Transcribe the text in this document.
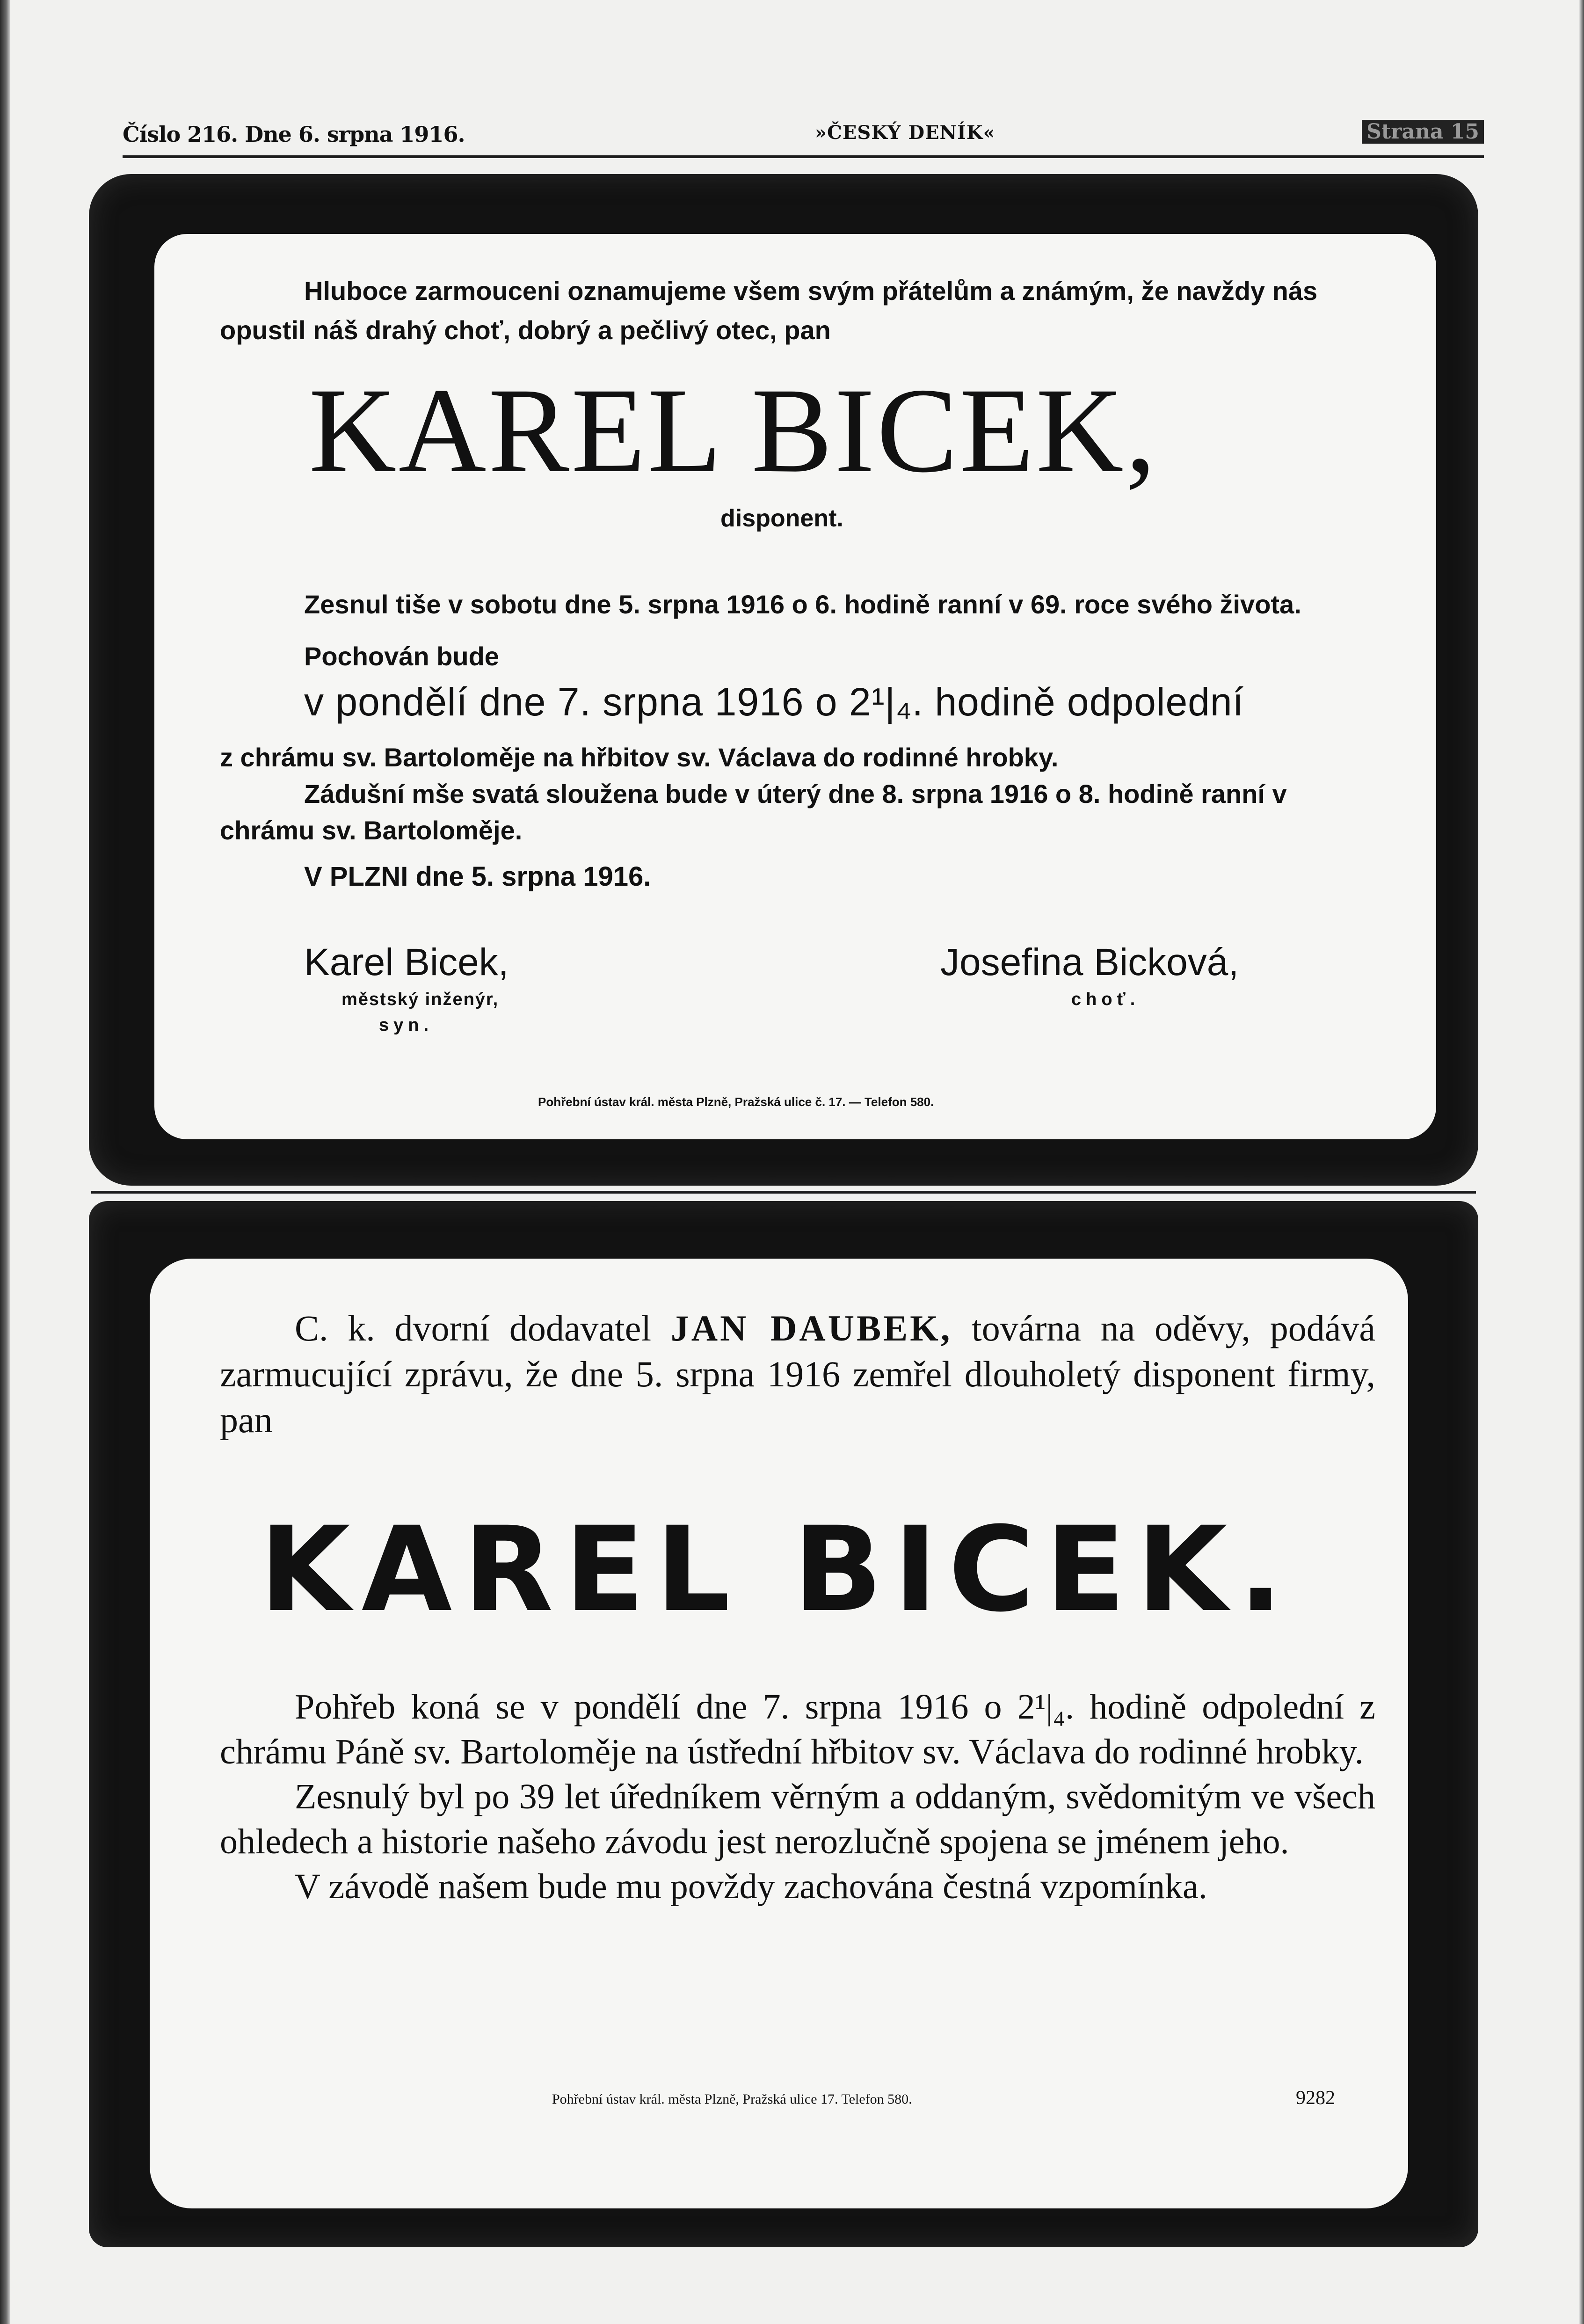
Číslo 216. Dne 6. srpna 1916.	»ČESKÝ DENÍK«	Strana 15
Hluboce zarmouceni oznamujeme všem svým přátelům a známým, že navždy nás opustil náš drahý choť, dobrý a pečlivý otec, pan
KAREL BICEK,
disponent.
Zesnul tiše v sobotu dne 5. srpna 1916 o 6. hodině ranní v 69. roce svého života.
Pochován bude
v pondělí dne 7. srpna 1916 o 2¹|₄. hodině odpolední
z chrámu sv. Bartoloměje na hřbitov sv. Václava do rodinné hrobky.
Zádušní mše svatá sloužena bude v úterý dne 8. srpna 1916 o 8. hodině ranní v chrámu sv. Bartoloměje.
V PLZNI dne 5. srpna 1916.
Karel Bicek,
městský inženýr,
syn.
Josefina Bicková,
choť.
Pohřební ústav král. města Plzně, Pražská ulice č. 17. — Telefon 580.
C. k. dvorní dodavatel JAN DAUBEK, továrna na oděvy, podává zarmucující zprávu, že dne 5. srpna 1916 zemřel dlouholetý disponent firmy, pan
KAREL BICEK.

Pohřeb koná se v pondělí dne 7. srpna 1916 o 2¹|₄. hodině odpolední z chrámu Páně sv. Bartoloměje na ústřední hřbitov sv. Václava do rodinné hrobky.

Zesnulý byl po 39 let úředníkem věrným a oddaným, svědomitým ve všech ohledech a historie našeho závodu jest nerozlučně spojena se jménem jeho.

V závodě našem bude mu povždy zachována čestná vzpomínka.

Pohřební ústav král. města Plzně, Pražská ulice 17. Telefon 580.	9282
